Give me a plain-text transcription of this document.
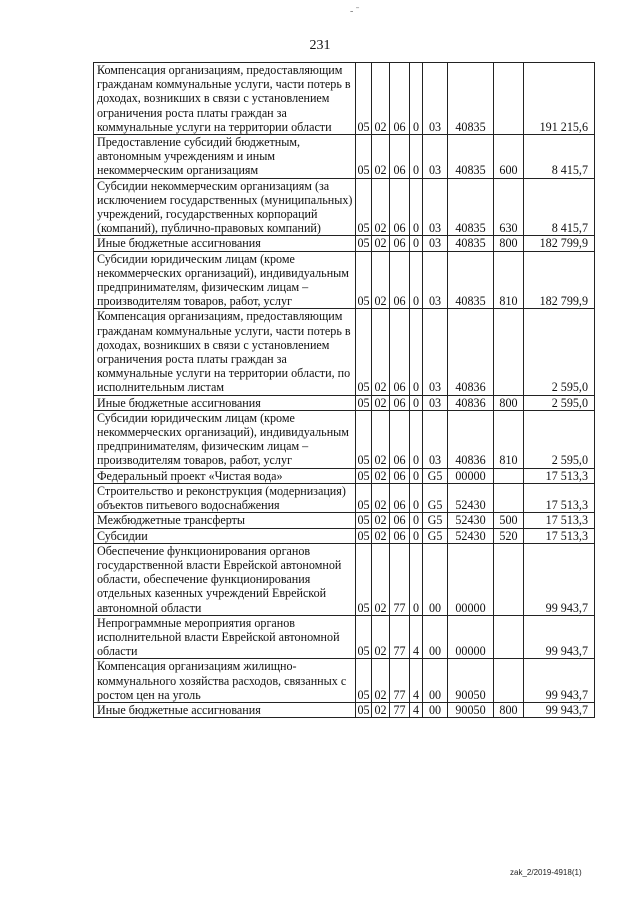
- ˉ
231
Компенсация организациям, предоставляющим гражданам коммунальные услуги, части потерь в доходах, возникших в связи с установлением ограничения роста платы граждан за коммунальные услуги на территории области	05	02	06	0	03	40835		191 215,6
Предоставление субсидий бюджетным, автономным учреждениям и иным некоммерческим организациям	05	02	06	0	03	40835	600	8 415,7
Субсидии некоммерческим организациям (за исключением государственных (муниципальных) учреждений, государственных корпораций (компаний), публично-правовых компаний)	05	02	06	0	03	40835	630	8 415,7
Иные бюджетные ассигнования	05	02	06	0	03	40835	800	182 799,9
Субсидии юридическим лицам (кроме некоммерческих организаций), индивидуальным предпринимателям, физическим лицам – производителям товаров, работ, услуг	05	02	06	0	03	40835	810	182 799,9
Компенсация организациям, предоставляющим гражданам коммунальные услуги, части потерь в доходах, возникших в связи с установлением ограничения роста платы граждан за коммунальные услуги на территории области, по исполнительным листам	05	02	06	0	03	40836		2 595,0
Иные бюджетные ассигнования	05	02	06	0	03	40836	800	2 595,0
Субсидии юридическим лицам (кроме некоммерческих организаций), индивидуальным предпринимателям, физическим лицам – производителям товаров, работ, услуг	05	02	06	0	03	40836	810	2 595,0
Федеральный проект «Чистая вода»	05	02	06	0	G5	00000		17 513,3
Строительство и реконструкция (модернизация) объектов питьевого водоснабжения	05	02	06	0	G5	52430		17 513,3
Межбюджетные трансферты	05	02	06	0	G5	52430	500	17 513,3
Субсидии	05	02	06	0	G5	52430	520	17 513,3
Обеспечение функционирования органов государственной власти Еврейской автономной области, обеспечение функционирования отдельных казенных учреждений Еврейской автономной области	05	02	77	0	00	00000		99 943,7
Непрограммные мероприятия органов исполнительной власти Еврейской автономной области	05	02	77	4	00	00000		99 943,7
Компенсация организациям жилищно-коммунального хозяйства расходов, связанных с ростом цен на уголь	05	02	77	4	00	90050		99 943,7
Иные бюджетные ассигнования	05	02	77	4	00	90050	800	99 943,7
zak_2/2019-4918(1)
